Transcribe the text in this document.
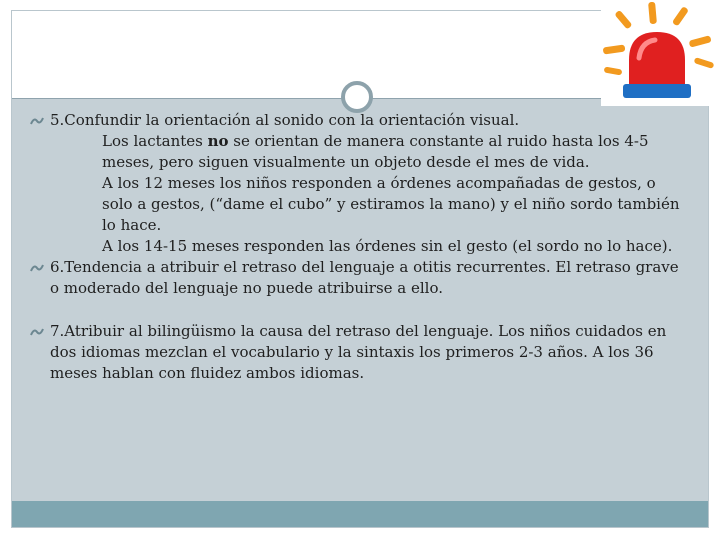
5.Confundir la orientación al sonido con la orientación visual.
Los lactantes no se orientan de manera constante al ruido hasta los 4-5 meses, pero siguen visualmente un objeto desde el mes de vida.
A los 12 meses los niños responden a órdenes acompañadas de gestos, o solo a gestos, (“dame el cubo” y estiramos la mano) y el niño sordo también lo hace.
A los 14-15 meses responden las órdenes sin el gesto (el sordo no lo hace).
6.Tendencia a atribuir el retraso del lenguaje a otitis recurrentes. El retraso grave o moderado del lenguaje no puede atribuirse a ello.
7.Atribuir al bilingüismo la causa del retraso del lenguaje. Los niños cuidados en dos idiomas mezclan el vocabulario y la sintaxis los primeros 2-3 años. A los 36 meses hablan con fluidez ambos idiomas.
